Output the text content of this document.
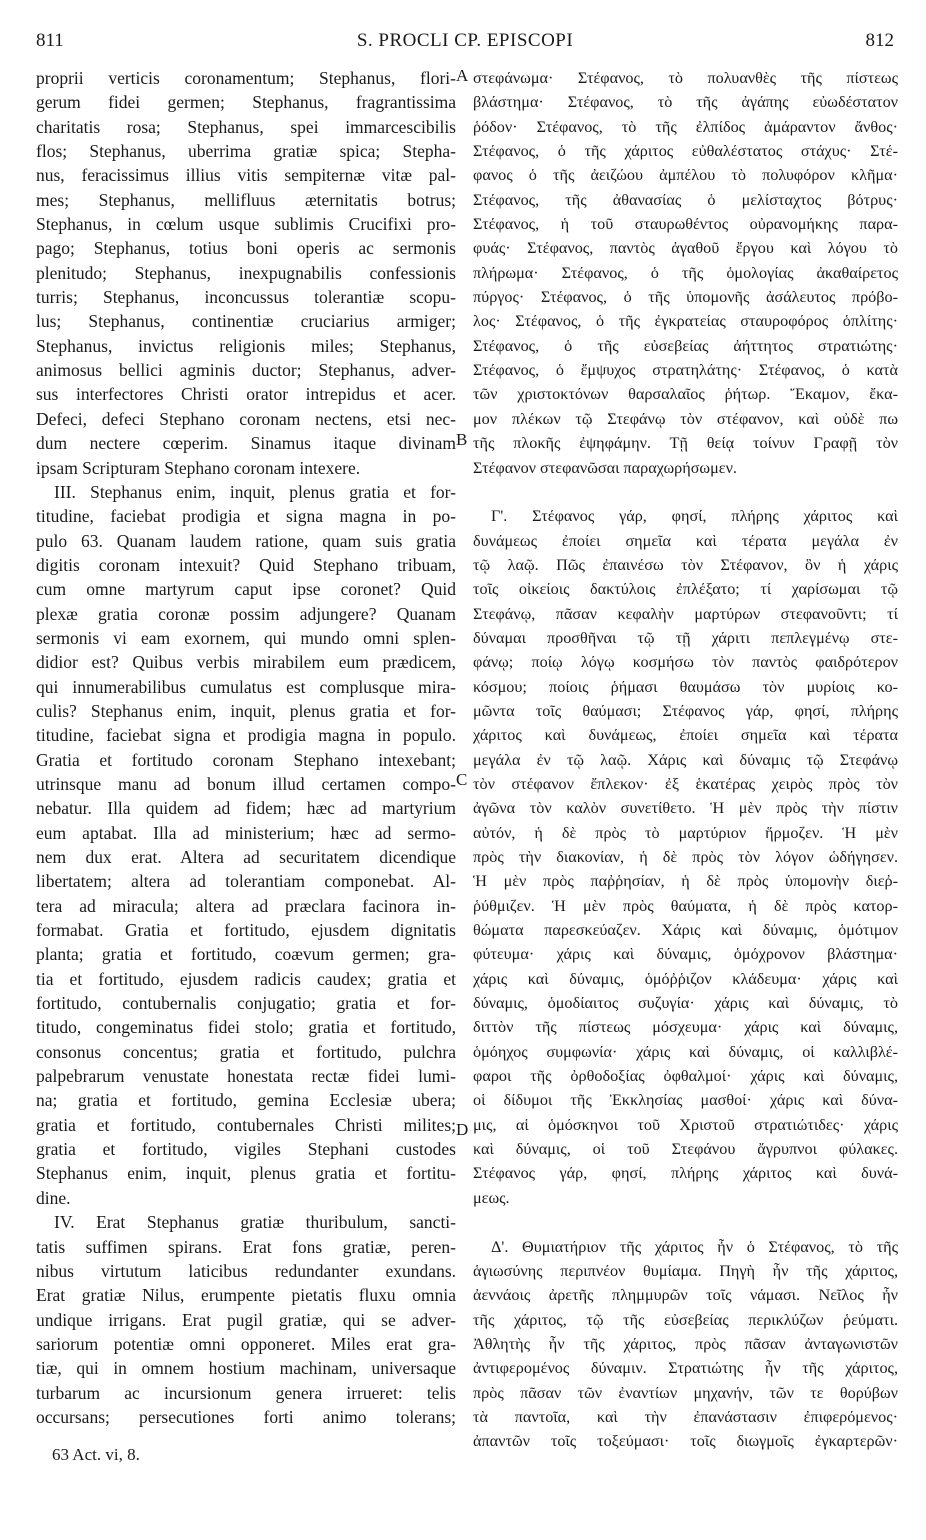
811	S. PROCLI CP. EPISCOPI	812
proprii verticis coronamentum; Stephanus, flori-
gerum fidei germen; Stephanus, fragrantissima
charitatis rosa; Stephanus, spei immarcescibilis
flos; Stephanus, uberrima gratiæ spica; Stepha-
nus, feracissimus illius vitis sempiternæ vitæ pal-
mes; Stephanus, mellifluus æternitatis botrus;
Stephanus, in cœlum usque sublimis Crucifixi pro-
pago; Stephanus, totius boni operis ac sermonis
plenitudo; Stephanus, inexpugnabilis confessionis
turris; Stephanus, inconcussus tolerantiæ scopu-
lus; Stephanus, continentiæ cruciarius armiger;
Stephanus, invictus religionis miles; Stephanus,
animosus bellici agminis ductor; Stephanus, adver-
sus interfectores Christi orator intrepidus et acer.
Defeci, defeci Stephano coronam nectens, etsi nec-
dum nectere cœperim. Sinamus itaque divinam
ipsam Scripturam Stephano coronam intexere.
III. Stephanus enim, inquit, plenus gratia et for-
titudine, faciebat prodigia et signa magna in po-
pulo 63. Quanam laudem ratione, quam suis gratia
digitis coronam intexuit? Quid Stephano tribuam,
cum omne martyrum caput ipse coronet? Quid
plexæ gratia coronæ possim adjungere? Quanam
sermonis vi eam exornem, qui mundo omni splen-
didior est? Quibus verbis mirabilem eum prædicem,
qui innumerabilibus cumulatus est complusque mira-
culis? Stephanus enim, inquit, plenus gratia et for-
titudine, faciebat signa et prodigia magna in populo.
Gratia et fortitudo coronam Stephano intexebant;
utrinsque manu ad bonum illud certamen compo-
nebatur. Illa quidem ad fidem; hæc ad martyrium
eum aptabat. Illa ad ministerium; hæc ad sermo-
nem dux erat. Altera ad securitatem dicendique
libertatem; altera ad tolerantiam componebat. Al-
tera ad miracula; altera ad præclara facinora in-
formabat. Gratia et fortitudo, ejusdem dignitatis
planta; gratia et fortitudo, coævum germen; gra-
tia et fortitudo, ejusdem radicis caudex; gratia et
fortitudo, contubernalis conjugatio; gratia et for-
titudo, congeminatus fidei stolo; gratia et fortitudo,
consonus concentus; gratia et fortitudo, pulchra
palpebrarum venustate honestata rectæ fidei lumi-
na; gratia et fortitudo, gemina Ecclesiæ ubera;
gratia et fortitudo, contubernales Christi milites;
gratia et fortitudo, vigiles Stephani custodes
Stephanus enim, inquit, plenus gratia et fortitu-
dine.
IV. Erat Stephanus gratiæ thuribulum, sancti-
tatis suffimen spirans. Erat fons gratiæ, peren-
nibus virtutum laticibus redundanter exundans.
Erat gratiæ Nilus, erumpente pietatis fluxu omnia
undique irrigans. Erat pugil gratiæ, qui se adver-
sariorum potentiæ omni opponeret. Miles erat gra-
tiæ, qui in omnem hostium machinam, universaque
turbarum ac incursionum genera irrueret: telis
occursans; persecutiones forti animo tolerans;
στεφάνωμα· Στέφανος, τὸ πολυανθὲς τῆς πίστεως
βλάστημα· Στέφανος, τὸ τῆς ἀγάπης εὐωδέστατον
ῥόδον· Στέφανος, τὸ τῆς ἐλπίδος ἀμάραντον ἄνθος·
Στέφανος, ὁ τῆς χάριτος εὐθαλέστατος στάχυς· Στέ-
φανος ὁ τῆς ἀειζώου ἀμπέλου τὸ πολυφόρον κλῆμα·
Στέφανος, τῆς ἀθανασίας ὁ μελίσταχτος βότρυς·
Στέφανος, ἡ τοῦ σταυρωθέντος οὐρανομήκης παρα-
φυάς· Στέφανος, παντὸς ἀγαθοῦ ἔργου καὶ λόγου τὸ
πλήρωμα· Στέφανος, ὁ τῆς ὁμολογίας ἀκαθαίρετος
πύργος· Στέφανος, ὁ τῆς ὑπομονῆς ἀσάλευτος πρόβο-
λος· Στέφανος, ὁ τῆς ἐγκρατείας σταυροφόρος ὁπλίτης·
Στέφανος, ὁ τῆς εὐσεβείας ἀήττητος στρατιώτης·
Στέφανος, ὁ ἔμψυχος στρατηλάτης· Στέφανος, ὁ κατὰ
τῶν χριστοκτόνων θαρσαλαῖος ῥήτωρ. Ἔκαμον, ἔκα-
μον πλέκων τῷ Στεφάνῳ τὸν στέφανον, καὶ οὐδὲ πω
τῆς πλοκῆς ἐψηφάμην. Τῇ θείᾳ τοίνυν Γραφῇ τὸν
Στέφανον στεφανῶσαι παραχωρήσωμεν.
Γ'. Στέφανος γάρ, φησί, πλήρης χάριτος καὶ
δυνάμεως ἐποίει σημεῖα καὶ τέρατα μεγάλα ἐν
τῷ λαῷ. Πῶς ἐπαινέσω τὸν Στέφανον, ὃν ἡ χάρις
τοῖς οἰκείοις δακτύλοις ἐπλέξατο; τί χαρίσωμαι τῷ
Στεφάνῳ, πᾶσαν κεφαλὴν μαρτύρων στεφανοῦντι; τί
δύναμαι προσθῆναι τῷ τῇ χάριτι πεπλεγμένῳ στε-
φάνῳ; ποίῳ λόγῳ κοσμήσω τὸν παντὸς φαιδρότερον
κόσμου; ποίοις ῥήμασι θαυμάσω τὸν μυρίοις κο-
μῶντα τοῖς θαύμασι; Στέφανος γάρ, φησί, πλήρης
χάριτος καὶ δυνάμεως, ἐποίει σημεῖα καὶ τέρατα
μεγάλα ἐν τῷ λαῷ. Χάρις καὶ δύναμις τῷ Στεφάνῳ
τὸν στέφανον ἔπλεκον· ἐξ ἑκατέρας χειρὸς πρὸς τὸν
ἀγῶνα τὸν καλὸν συνετίθετο. Ἡ μὲν πρὸς τὴν πίστιν
αὐτόν, ἡ δὲ πρὸς τὸ μαρτύριον ἥρμοζεν. Ἡ μὲν
πρὸς τὴν διακονίαν, ἡ δὲ πρὸς τὸν λόγον ὡδήγησεν.
Ἡ μὲν πρὸς παῤῥησίαν, ἡ δὲ πρὸς ὑπομονὴν διεῤ-
ῥύθμιζεν. Ἡ μὲν πρὸς θαύματα, ἡ δὲ πρὸς κατορ-
θώματα παρεσκεύαζεν. Χάρις καὶ δύναμις, ὁμότιμον
φύτευμα· χάρις καὶ δύναμις, ὁμόχρονον βλάστημα·
χάρις καὶ δύναμις, ὁμόῤῥιζον κλάδευμα· χάρις καὶ
δύναμις, ὁμοδίαιτος συζυγία· χάρις καὶ δύναμις, τὸ
διττὸν τῆς πίστεως μόσχευμα· χάρις καὶ δύναμις,
ὁμόηχος συμφωνία· χάρις καὶ δύναμις, οἱ καλλιβλέ-
φαροι τῆς ὀρθοδοξίας ὀφθαλμοί· χάρις καὶ δύναμις,
οἱ δίδυμοι τῆς Ἐκκλησίας μασθοί· χάρις καὶ δύνα-
μις, αἱ ὁμόσκηνοι τοῦ Χριστοῦ στρατιώτιδες· χάρις
καὶ δύναμις, οἱ τοῦ Στεφάνου ἄγρυπνοι φύλακες.
Στέφανος γάρ, φησί, πλήρης χάριτος καὶ δυνά-
μεως.
Δ'. Θυμιατήριον τῆς χάριτος ἦν ὁ Στέφανος, τὸ τῆς
ἁγιωσύνης περιπνέον θυμίαμα. Πηγὴ ἦν τῆς χάριτος,
ἀεννάοις ἀρετῆς πλημμυρῶν τοῖς νάμασι. Νεῖλος ἦν
τῆς χάριτος, τῷ τῆς εὐσεβείας περικλύζων ῥεύματι.
Ἀθλητὴς ἦν τῆς χάριτος, πρὸς πᾶσαν ἀνταγωνιστῶν
ἀντιφερομένος δύναμιν. Στρατιώτης ἦν τῆς χάριτος,
πρὸς πᾶσαν τῶν ἐναντίων μηχανήν, τῶν τε θορύβων
τὰ παντοῖα, καὶ τὴν ἐπανάστασιν ἐπιφερόμενος·
ἀπαντῶν τοῖς τοξεύμασι· τοῖς διωγμοῖς ἐγκαρτερῶν·
A
B
C
D
63 Act. vi, 8.
